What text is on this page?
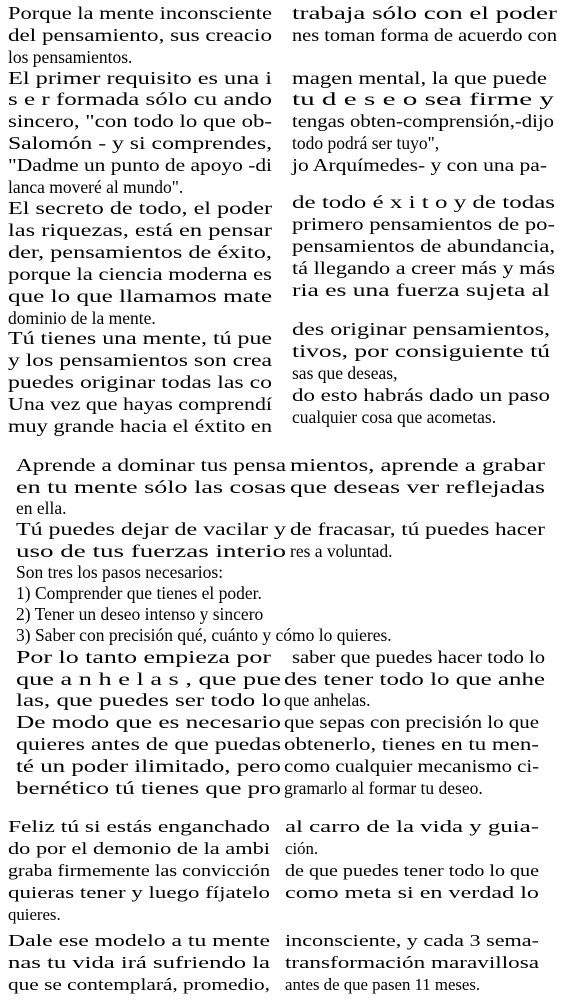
Porque la mente inconsciente trabaja sólo con el poder
del pensamiento, sus creacio nes toman forma de acuerdo con
los pensamientos.
El primer requisito es una i magen mental, la que puede
s e r formada sólo cu ando tu d e s e o sea firme y
sincero, "con todo lo que ob- tengas obten-comprensión,-dijo
Salomón - y si comprendes, todo podrá ser tuyo",
"Dadme un punto de apoyo -di jo Arquímedes- y con una pa-
lanca moveré al mundo".
El secreto de todo, el poder de todo é x i t o y de todas
las riquezas, está en pensar primero pensamientos de po-
der, pensamientos de éxito, pensamientos de abundancia,
porque la ciencia moderna es tá llegando a creer más y más
que lo que llamamos mate ria es una fuerza sujeta al
dominio de la mente.
Tú tienes una mente, tú pue des originar pensamientos,
y los pensamientos son crea tivos, por consiguiente tú
puedes originar todas las co sas que deseas,
Una vez que hayas comprendí do esto habrás dado un paso
muy grande hacia el éxtito en cualquier cosa que acometas.
Aprende a dominar tus pensa mientos, aprende a grabar
en tu mente sólo las cosas que deseas ver reflejadas
en ella.
Tú puedes dejar de vacilar y de fracasar, tú puedes hacer
uso de tus fuerzas interio res a voluntad.
Son tres los pasos necesarios:
1) Comprender que tienes el poder.
2) Tener un deseo intenso y sincero
3) Saber con precisión qué, cuánto y cómo lo quieres.
Por lo tanto empieza por saber que puedes hacer todo lo
que a n h e l a s , que pue des tener todo lo que anhe
las, que puedes ser todo lo que anhelas.
De modo que es necesario que sepas con precisión lo que
quieres antes de que puedas obtenerlo, tienes en tu men-
té un poder ilimitado, pero como cualquier mecanismo ci-
bernético tú tienes que pro gramarlo al formar tu deseo.
Feliz tú si estás enganchado al carro de la vida y guia-
do por el demonio de la ambi ción.
graba firmemente las convicción de que puedes tener todo lo que
quieras tener y luego fíjatelo como meta si en verdad lo
quieres.
Dale ese modelo a tu mente inconsciente, y cada 3 sema-
nas tu vida irá sufriendo la transformación maravillosa
que se contemplará, promedio, antes de que pasen 11 meses.
